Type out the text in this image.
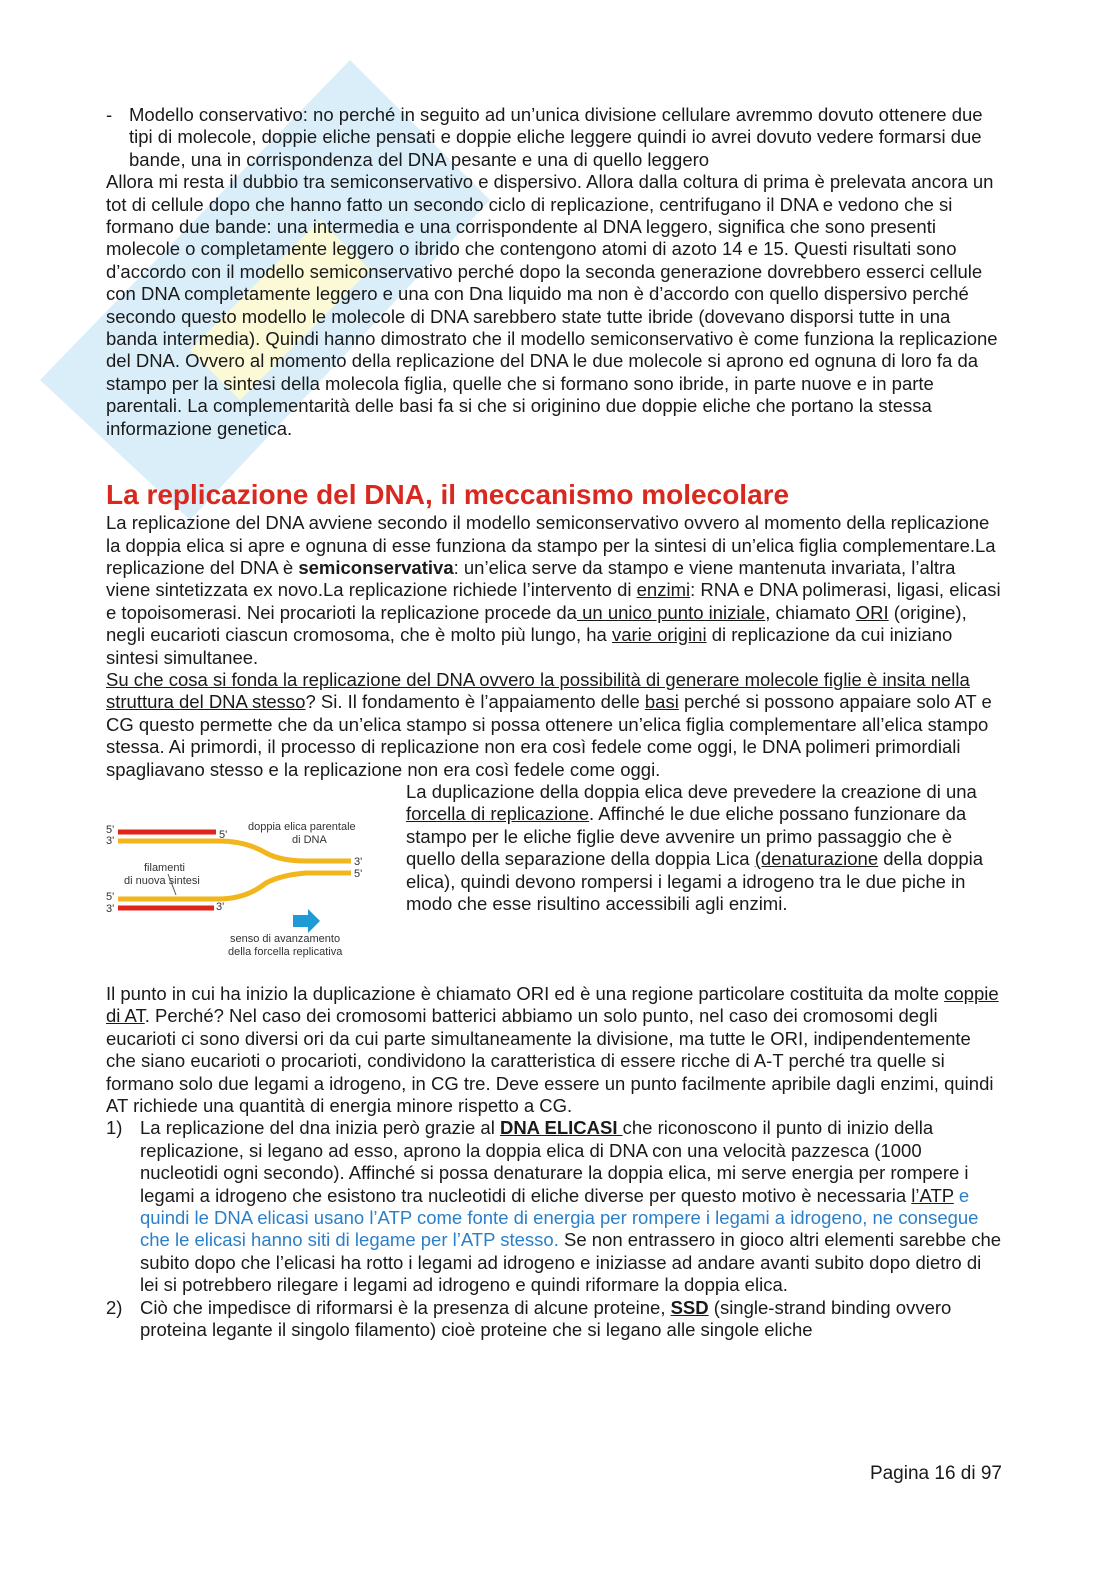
- Modello conservativo: no perché in seguito ad un’unica divisione cellulare avremmo dovuto ottenere due tipi di molecole, doppie eliche pensati e doppie eliche leggere quindi io avrei dovuto vedere formarsi due bande, una in corrispondenza del DNA pesante e una di quello leggero

Allora mi resta il dubbio tra semiconservativo e dispersivo. Allora dalla coltura di prima è prelevata ancora un tot di cellule dopo che hanno fatto un secondo ciclo di replicazione, centrifugano il DNA e vedono che si formano due bande: una intermedia e una corrispondente al DNA leggero, significa che sono presenti molecole o completamente leggero o ibrido che contengono atomi di azoto 14 e 15. Questi risultati sono d’accordo con il modello semiconservativo perché dopo la seconda generazione dovrebbero esserci cellule con DNA completamente leggero e una con Dna liquido ma non è d’accordo con quello dispersivo perché secondo questo modello le molecole di DNA sarebbero state tutte ibride (dovevano disporsi tutte in una banda intermedia). Quindi hanno dimostrato che il modello semiconservativo è come funziona la replicazione del DNA. Ovvero al momento della replicazione del DNA le due molecole si aprono ed ognuna di loro fa da stampo per la sintesi della molecola figlia, quelle che si formano sono ibride, in parte nuove e in parte parentali. La complementarità delle basi fa si che si originino due doppie eliche che portano la stessa informazione genetica.

La replicazione del DNA, il meccanismo molecolare

La replicazione del DNA avviene secondo il modello semiconservativo ovvero al momento della replicazione la doppia elica si apre e ognuna di esse funziona da stampo per la sintesi di un’elica figlia complementare.La replicazione del DNA è semiconservativa: un’elica serve da stampo e viene mantenuta invariata, l’altra viene sintetizzata ex novo.La replicazione richiede l’intervento di enzimi: RNA e DNA polimerasi, ligasi, elicasi e topoisomerasi. Nei procarioti la replicazione procede da un unico punto iniziale, chiamato ORI (origine), negli eucarioti ciascun cromosoma, che è molto più lungo, ha varie origini di replicazione da cui iniziano sintesi simultanee.

Su che cosa si fonda la replicazione del DNA ovvero la possibilità di generare molecole figlie è insita nella struttura del DNA stesso? Si. Il fondamento è l’appaiamento delle basi perché si possono appaiare solo AT e CG questo permette che da un’elica stampo si possa ottenere un’elica figlia complementare all’elica stampo stessa. Ai primordi, il processo di replicazione non era così fedele come oggi, le DNA polimeri primordiali spagliavano stesso e la replicazione non era così fedele come oggi.

5'
3'	5'
5'
3'	3'
3'
5'
doppia elica parentale
di DNA
filamenti
di nuova sintesi
senso di avanzamento
della forcella replicativa

La duplicazione della doppia elica deve prevedere la creazione di una forcella di replicazione. Affinché le due eliche possano funzionare da stampo per le eliche figlie deve avvenire un primo passaggio che è quello della separazione della doppia Lica (denaturazione della doppia elica), quindi devono rompersi i legami a idrogeno tra le due piche in modo che esse risultino accessibili agli enzimi.

Il punto in cui ha inizio la duplicazione è chiamato ORI ed è una regione particolare costituita da molte coppie di AT. Perché? Nel caso dei cromosomi batterici abbiamo un solo punto, nel caso dei cromosomi degli eucarioti ci sono diversi ori da cui parte simultaneamente la divisione, ma tutte le ORI, indipendentemente che siano eucarioti o procarioti, condividono la caratteristica di essere ricche di A-T perché tra quelle si formano solo due legami a idrogeno, in CG tre. Deve essere un punto facilmente apribile dagli enzimi, quindi AT richiede una quantità di energia minore rispetto a CG.

1) La replicazione del dna inizia però grazie al DNA ELICASI che riconoscono il punto di inizio della replicazione, si legano ad esso, aprono la doppia elica di DNA con una velocità pazzesca (1000 nucleotidi ogni secondo). Affinché si possa denaturare la doppia elica, mi serve energia per rompere i legami a idrogeno che esistono tra nucleotidi di eliche diverse per questo motivo è necessaria l’ATP e quindi le DNA elicasi usano l’ATP come fonte di energia per rompere i legami a idrogeno, ne consegue che le elicasi hanno siti di legame per l’ATP stesso. Se non entrassero in gioco altri elementi sarebbe che subito dopo che l’elicasi ha rotto i legami ad idrogeno e iniziasse ad andare avanti subito dopo dietro di lei si potrebbero rilegare i legami ad idrogeno e quindi riformare la doppia elica.
2) Ciò che impedisce di riformarsi è la presenza di alcune proteine, SSD (single-strand binding ovvero proteina legante il singolo filamento) cioè proteine che si legano alle singole eliche
Pagina 16 di 97
